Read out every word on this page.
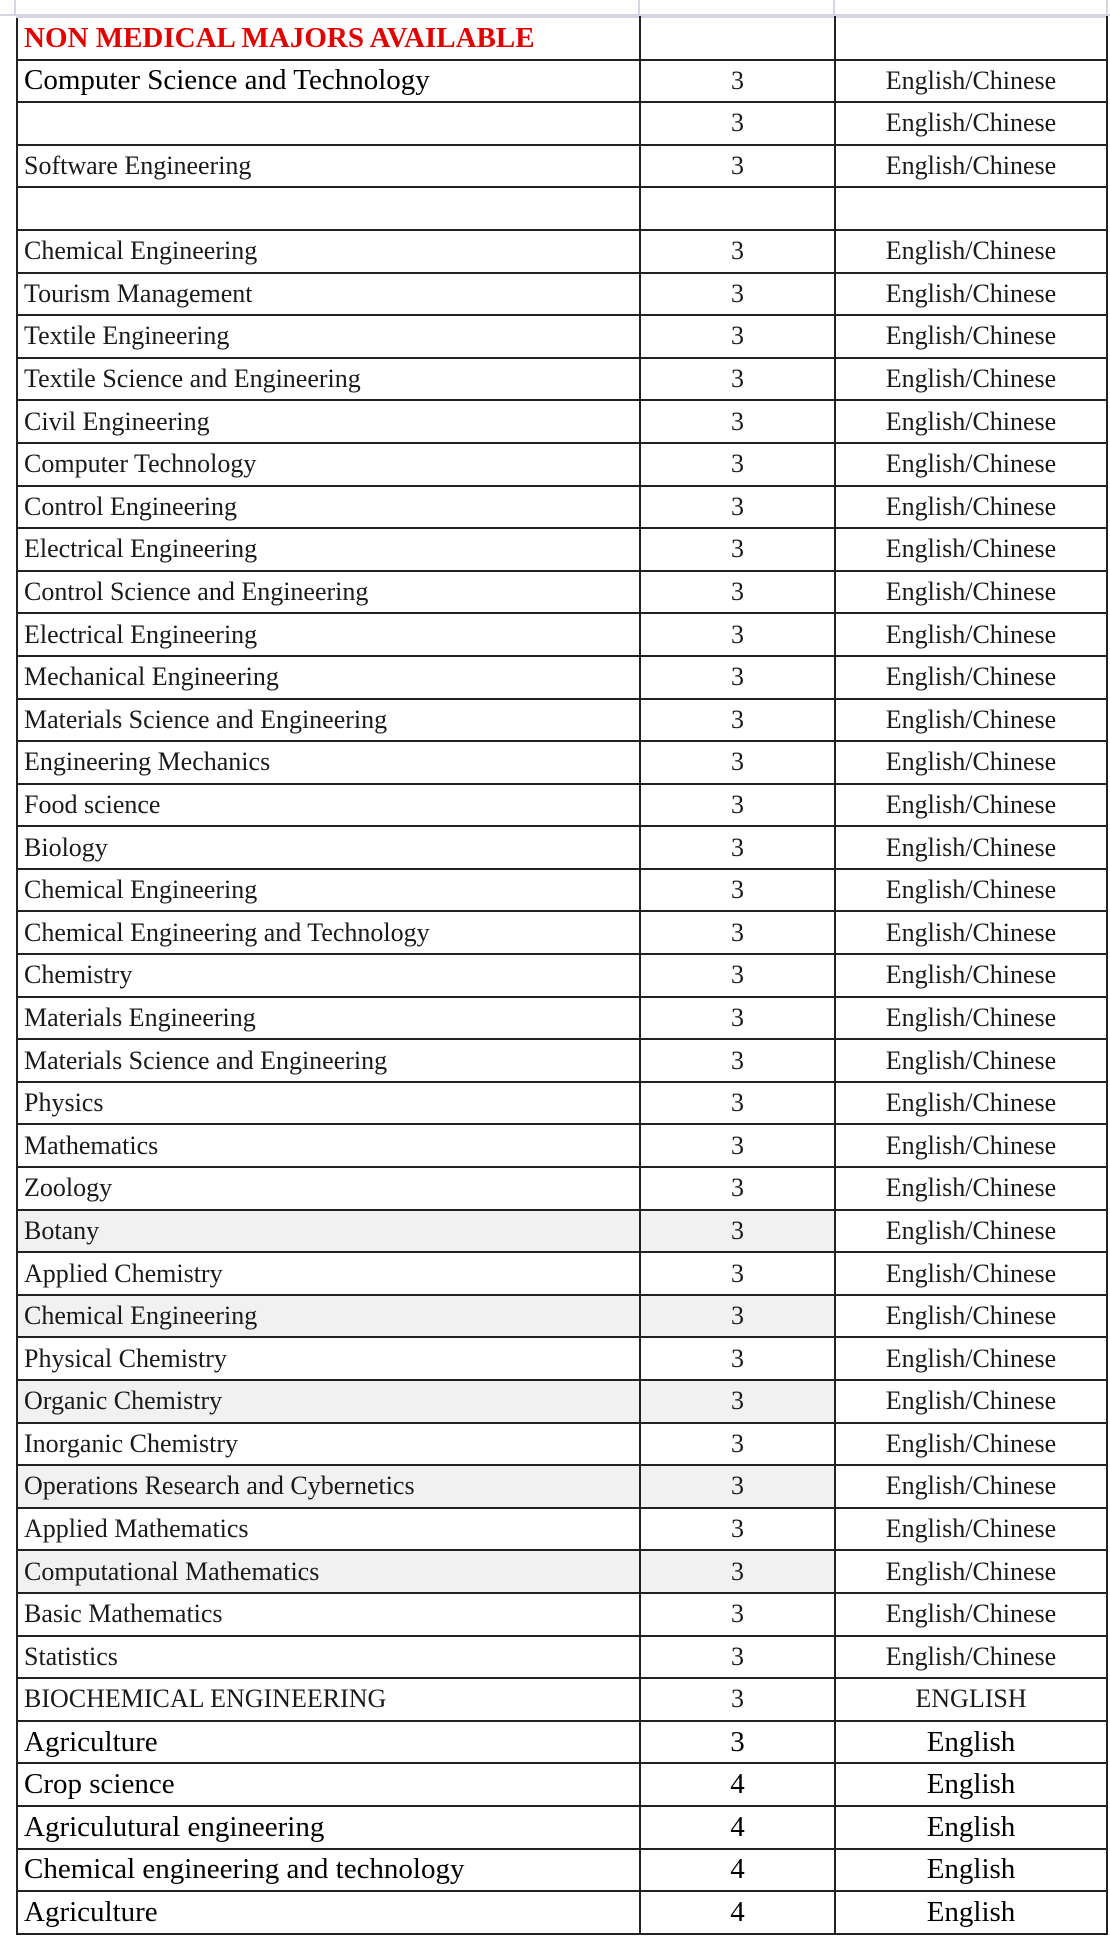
NON MEDICAL MAJORS AVAILABLE		
Computer Science and Technology	3	English/Chinese
	3	English/Chinese
Software Engineering	3	English/Chinese

Chemical Engineering	3	English/Chinese
Tourism Management	3	English/Chinese
Textile Engineering	3	English/Chinese
Textile Science and Engineering	3	English/Chinese
Civil Engineering	3	English/Chinese
Computer Technology	3	English/Chinese
Control Engineering	3	English/Chinese
Electrical Engineering	3	English/Chinese
Control Science and Engineering	3	English/Chinese
Electrical Engineering	3	English/Chinese
Mechanical Engineering	3	English/Chinese
Materials Science and Engineering	3	English/Chinese
Engineering Mechanics	3	English/Chinese
Food science	3	English/Chinese
Biology	3	English/Chinese
Chemical Engineering	3	English/Chinese
Chemical Engineering and Technology	3	English/Chinese
Chemistry	3	English/Chinese
Materials Engineering	3	English/Chinese
Materials Science and Engineering	3	English/Chinese
Physics	3	English/Chinese
Mathematics	3	English/Chinese
Zoology	3	English/Chinese
Botany	3	English/Chinese
Applied Chemistry	3	English/Chinese
Chemical Engineering	3	English/Chinese
Physical Chemistry	3	English/Chinese
Organic Chemistry	3	English/Chinese
Inorganic Chemistry	3	English/Chinese
Operations Research and Cybernetics	3	English/Chinese
Applied Mathematics	3	English/Chinese
Computational Mathematics	3	English/Chinese
Basic Mathematics	3	English/Chinese
Statistics	3	English/Chinese
BIOCHEMICAL ENGINEERING	3	ENGLISH
Agriculture	3	English
Crop science	4	English
Agriculutural engineering	4	English
Chemical engineering and technology	4	English
Agriculture	4	English
